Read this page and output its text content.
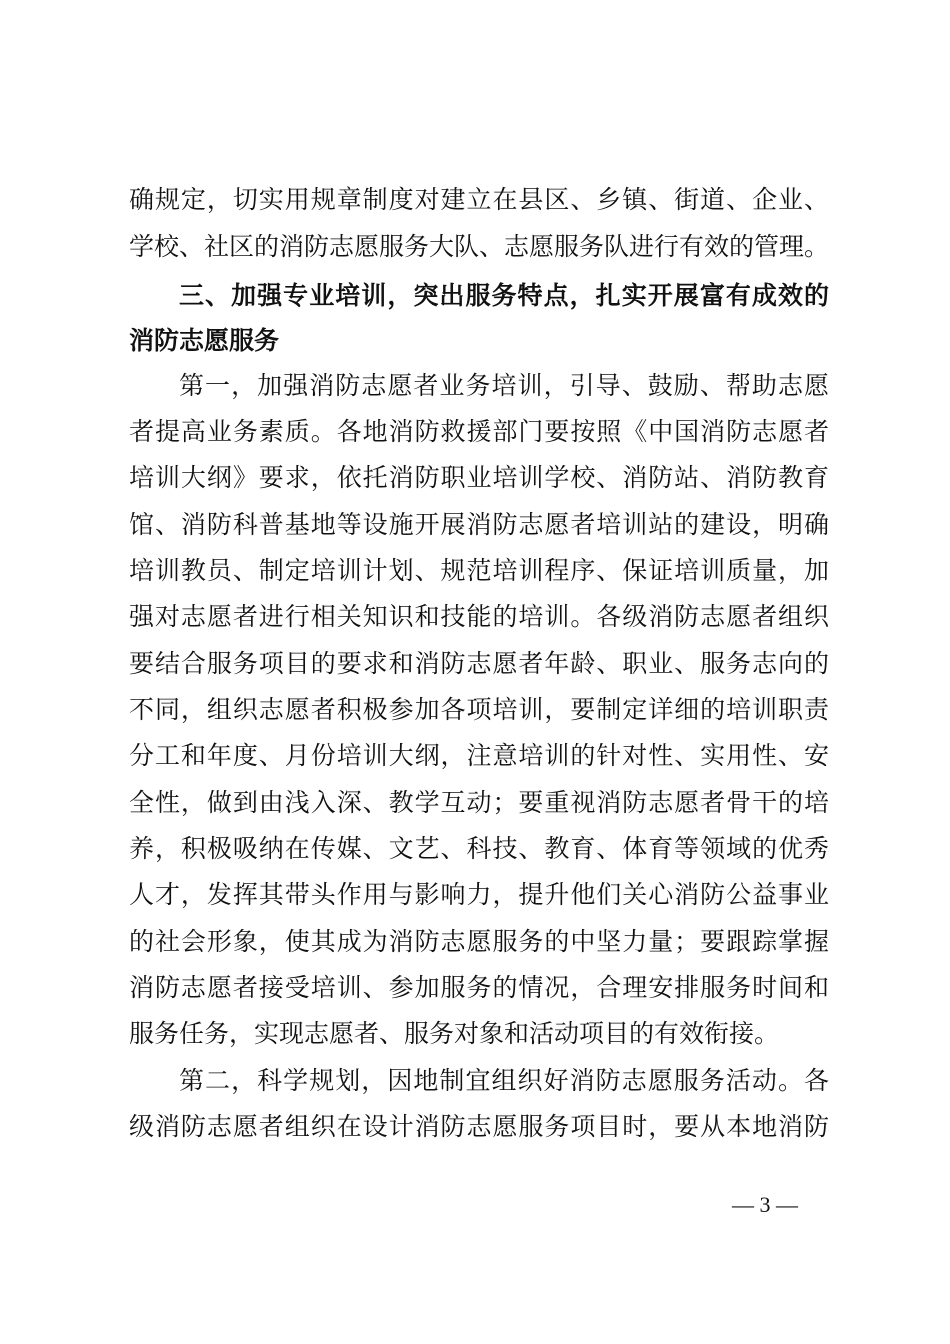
确规定，切实用规章制度对建立在县区、乡镇、街道、企业、
学校、社区的消防志愿服务大队、志愿服务队进行有效的管理。
三、加强专业培训，突出服务特点，扎实开展富有成效的
消防志愿服务
第一，加强消防志愿者业务培训，引导、鼓励、帮助志愿
者提高业务素质。各地消防救援部门要按照《中国消防志愿者
培训大纲》要求，依托消防职业培训学校、消防站、消防教育
馆、消防科普基地等设施开展消防志愿者培训站的建设，明确
培训教员、制定培训计划、规范培训程序、保证培训质量，加
强对志愿者进行相关知识和技能的培训。各级消防志愿者组织
要结合服务项目的要求和消防志愿者年龄、职业、服务志向的
不同，组织志愿者积极参加各项培训，要制定详细的培训职责
分工和年度、月份培训大纲，注意培训的针对性、实用性、安
全性，做到由浅入深、教学互动；要重视消防志愿者骨干的培
养，积极吸纳在传媒、文艺、科技、教育、体育等领域的优秀
人才，发挥其带头作用与影响力，提升他们关心消防公益事业
的社会形象，使其成为消防志愿服务的中坚力量；要跟踪掌握
消防志愿者接受培训、参加服务的情况，合理安排服务时间和
服务任务，实现志愿者、服务对象和活动项目的有效衔接。
第二，科学规划，因地制宜组织好消防志愿服务活动。各
级消防志愿者组织在设计消防志愿服务项目时，要从本地消防
— 3 —
